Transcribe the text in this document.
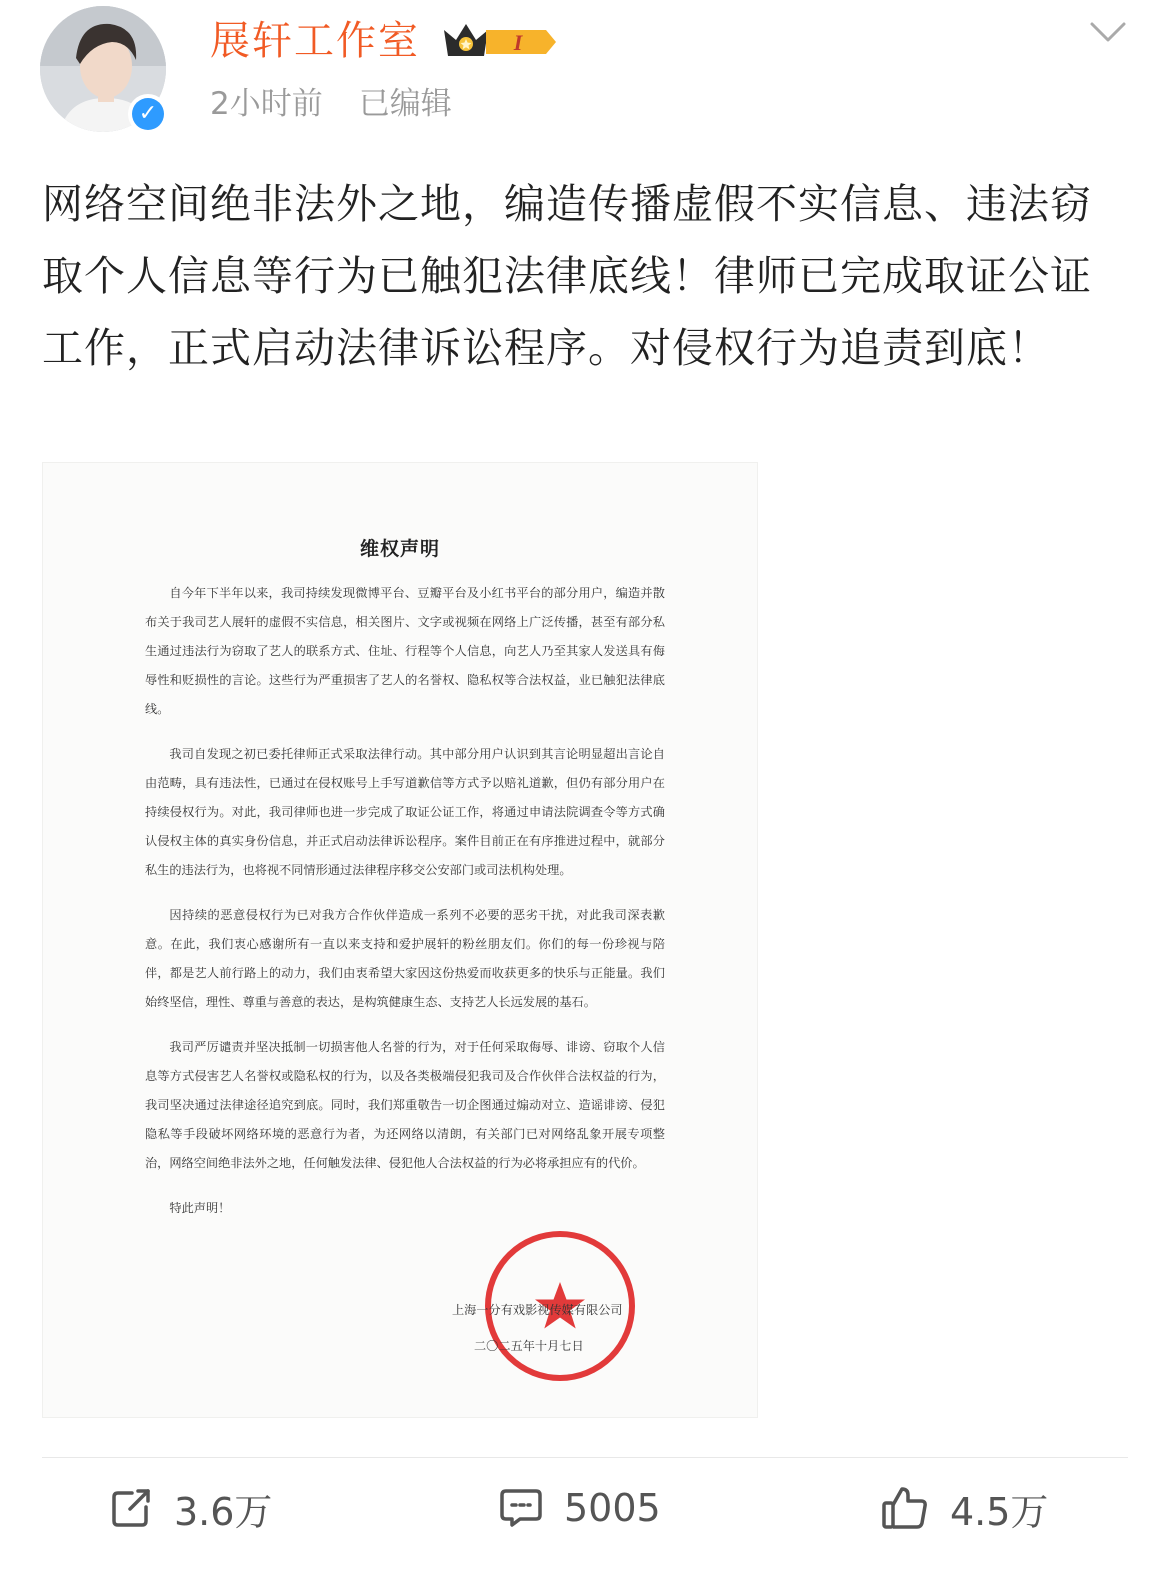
✓
展轩工作室	I
2小时前 已编辑
网络空间绝非法外之地，编造传播虚假不实信息、违法窃取个人信息等行为已触犯法律底线！律师已完成取证公证工作，正式启动法律诉讼程序。对侵权行为追责到底！
维权声明

自今年下半年以来，我司持续发现微博平台、豆瓣平台及小红书平台的部分用户，编造并散布关于我司艺人展轩的虚假不实信息，相关图片、文字或视频在网络上广泛传播，甚至有部分私生通过违法行为窃取了艺人的联系方式、住址、行程等个人信息，向艺人乃至其家人发送具有侮辱性和贬损性的言论。这些行为严重损害了艺人的名誉权、隐私权等合法权益，业已触犯法律底线。

我司自发现之初已委托律师正式采取法律行动。其中部分用户认识到其言论明显超出言论自由范畴，具有违法性，已通过在侵权账号上手写道歉信等方式予以赔礼道歉，但仍有部分用户在持续侵权行为。对此，我司律师也进一步完成了取证公证工作，将通过申请法院调查令等方式确认侵权主体的真实身份信息，并正式启动法律诉讼程序。案件目前正在有序推进过程中，就部分私生的违法行为，也将视不同情形通过法律程序移交公安部门或司法机构处理。

因持续的恶意侵权行为已对我方合作伙伴造成一系列不必要的恶劣干扰，对此我司深表歉意。在此，我们衷心感谢所有一直以来支持和爱护展轩的粉丝朋友们。你们的每一份珍视与陪伴，都是艺人前行路上的动力，我们由衷希望大家因这份热爱而收获更多的快乐与正能量。我们始终坚信，理性、尊重与善意的表达，是构筑健康生态、支持艺人长远发展的基石。

我司严厉谴责并坚决抵制一切损害他人名誉的行为，对于任何采取侮辱、诽谤、窃取个人信息等方式侵害艺人名誉权或隐私权的行为，以及各类极端侵犯我司及合作伙伴合法权益的行为，我司坚决通过法律途径追究到底。同时，我们郑重敬告一切企图通过煽动对立、造谣诽谤、侵犯隐私等手段破坏网络环境的恶意行为者，为还网络以清朗，有关部门已对网络乱象开展专项整治，网络空间绝非法外之地，任何触发法律、侵犯他人合法权益的行为必将承担应有的代价。

特此声明！

上海一分有戏影视传媒有限公司
二〇二五年十月七日
3.6万	5005	4.5万
